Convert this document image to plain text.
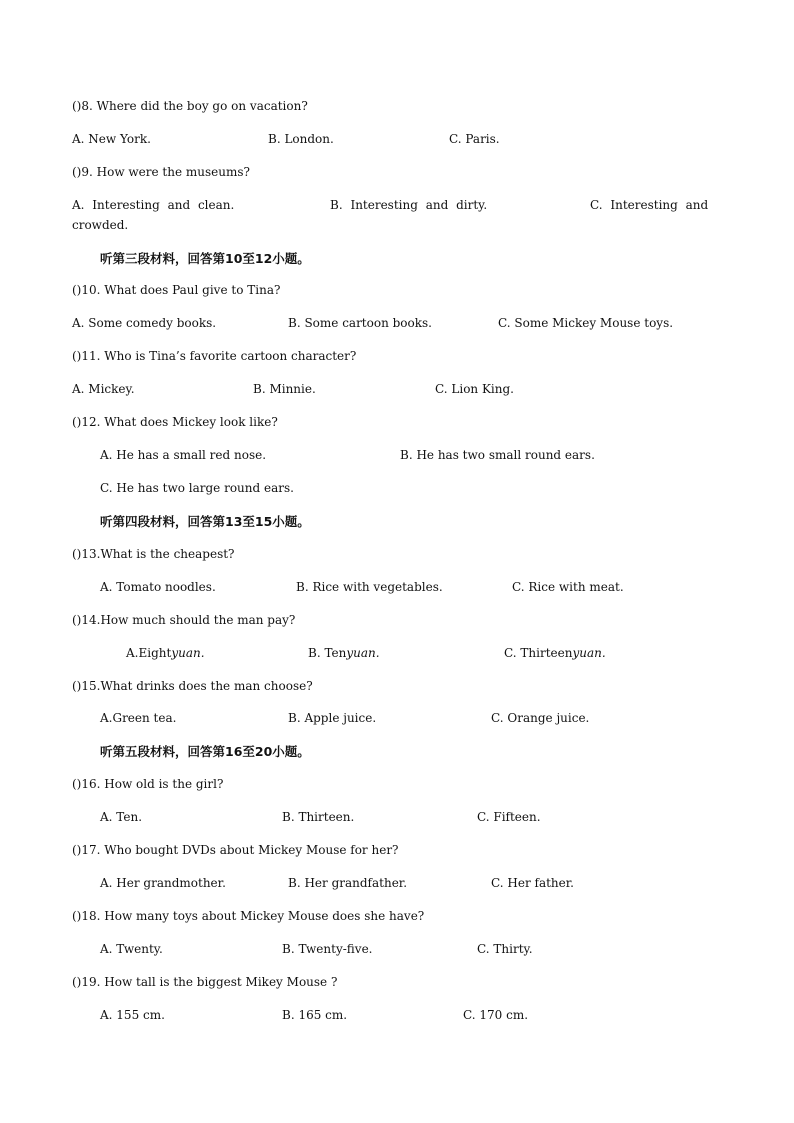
()8. Where did the boy go on vacation?
A. New York.	B. London.	C. Paris.
()9. How were the museums?
A. Interesting and clean.	B. Interesting and dirty.	C. Interesting and
crowded.
听第三段材料，回答第10至12小题。
()10. What does Paul give to Tina?
A. Some comedy books.	B. Some cartoon books.	C. Some Mickey Mouse toys.
()11. Who is Tina’s favorite cartoon character?
A. Mickey.	B. Minnie.	C. Lion King.
()12. What does Mickey look like?
A. He has a small red nose.	B. He has two small round ears.
C. He has two large round ears.
听第四段材料，回答第13至15小题。
()13.What is the cheapest?
A. Tomato noodles.	B. Rice with vegetables.	C. Rice with meat.
()14.How much should the man pay?
A.Eightyuan.	B. Tenyuan.	C. Thirteenyuan.
()15.What drinks does the man choose?
A.Green tea.	B. Apple juice.	C. Orange juice.
听第五段材料，回答第16至20小题。
()16. How old is the girl?
A. Ten.	B. Thirteen.	C. Fifteen.
()17. Who bought DVDs about Mickey Mouse for her?
A. Her grandmother.	B. Her grandfather.	C. Her father.
()18. How many toys about Mickey Mouse does she have?
A. Twenty.	B. Twenty-five.	C. Thirty.
()19. How tall is the biggest Mikey Mouse ?
A. 155 cm.	B. 165 cm.	C. 170 cm.
